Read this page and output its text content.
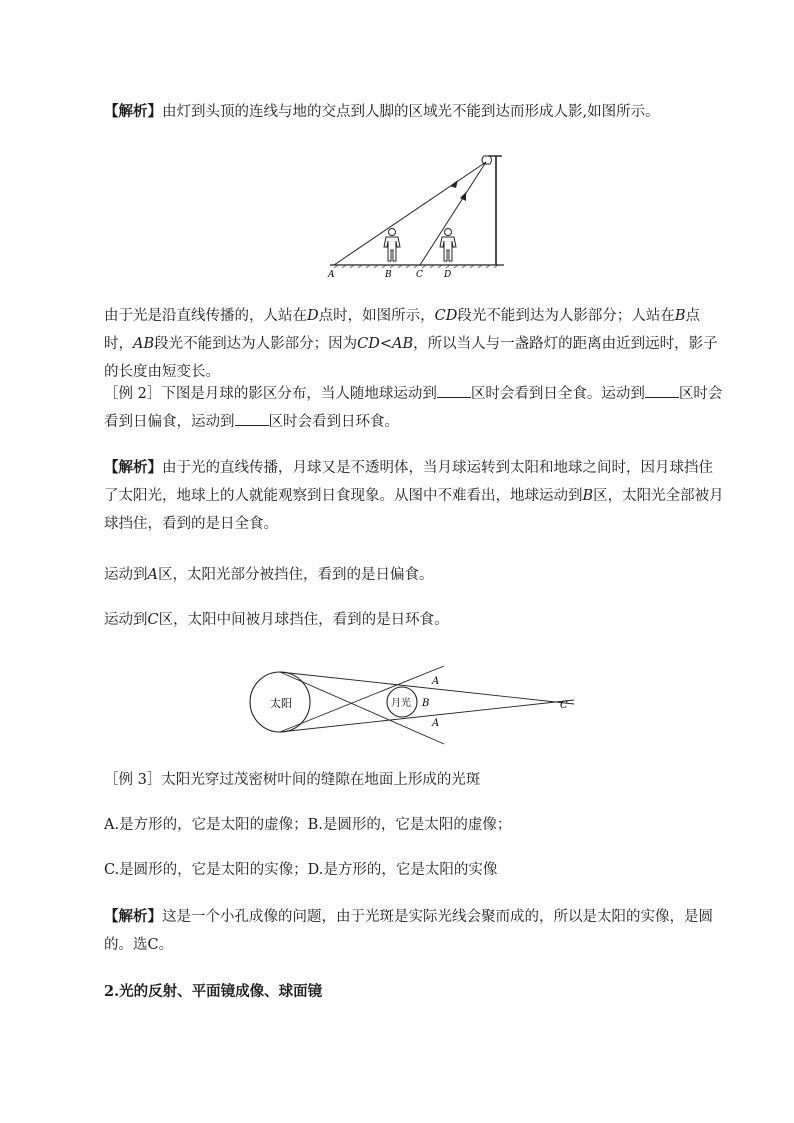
【解析】由灯到头顶的连线与地的交点到人脚的区域光不能到达而形成人影,如图所示。

A	B	C D

由于光是沿直线传播的，人站在D点时，如图所示，CD段光不能到达为人影部分；人站在B点时，AB段光不能到达为人影部分；因为CD<AB，所以当人与一盏路灯的距离由近到远时，影子的长度由短变长。

［例 2］下图是月球的影区分布，当人随地球运动到 区时会看到日全食。运动到 区时会看到日偏食，运动到 区时会看到日环食。

【解析】由于光的直线传播，月球又是不透明体，当月球运转到太阳和地球之间时，因月球挡住了太阳光，地球上的人就能观察到日食现象。从图中不难看出，地球运动到B区，太阳光全部被月球挡住，看到的是日全食。

运动到A区，太阳光部分被挡住，看到的是日偏食。

运动到C区，太阳中间被月球挡住，看到的是日环食。

太阳	月光
A
B
A
C

［例 3］太阳光穿过茂密树叶间的缝隙在地面上形成的光斑

A.是方形的，它是太阳的虚像；B.是圆形的，它是太阳的虚像；

C.是圆形的，它是太阳的实像；D.是方形的，它是太阳的实像

【解析】这是一个小孔成像的问题，由于光斑是实际光线会聚而成的，所以是太阳的实像，是圆的。选C。

2.光的反射、平面镜成像、球面镜
